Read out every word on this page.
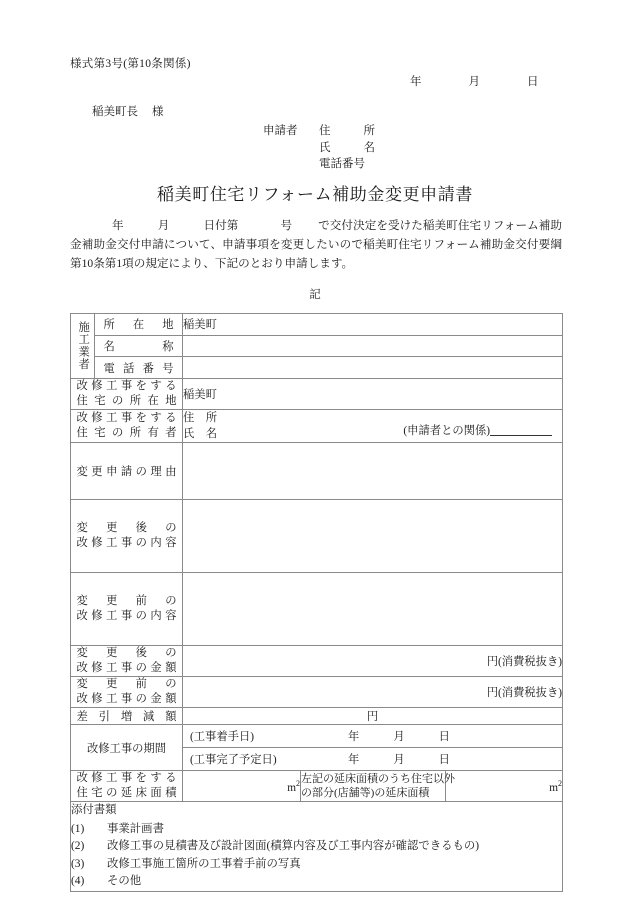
様式第3号(第10条関係)
年	月	日
稲美町長 様
申請者	住　所
氏　名
電話番号
稲美町住宅リフォーム補助金変更申請書
年	月	日付第	号 で交付決定を受けた稲美町住宅リフォーム補助金補助金交付申請について、申請事項を変更したいので稲美町住宅リフォーム補助金交付要綱第10条第1項の規定により、下記のとおり申請します。
記
施工業者	所在地	稲美町		

	名称			

	電話番号			

改修工事をする
住宅の所在地		稲美町		

改修工事をする
住宅の所有者

住　所
氏　名	(申請者との関係)

変更申請の理由				

変更後の
改修工事の内容				

変更前の
改修工事の内容				

変更後の
改修工事の金額		円(消費税抜き)		

変更前の
改修工事の金額		円(消費税抜き)		

差引増減額		円		
改修工事の期間		(工事着手日) 年 月 日		

		(工事完了予定日) 年 月 日		

改修工事をする
住宅の延床面積	$m^2$	左記の延床面積のうち住宅以外
の部分(店舗等)の延床面積	$m^2$

添付書類
(1) 事業計画書
(2) 改修工事の見積書及び設計図面(積算内容及び工事内容が確認できるもの)
(3) 改修工事施工箇所の工事着手前の写真
(4) その他				
